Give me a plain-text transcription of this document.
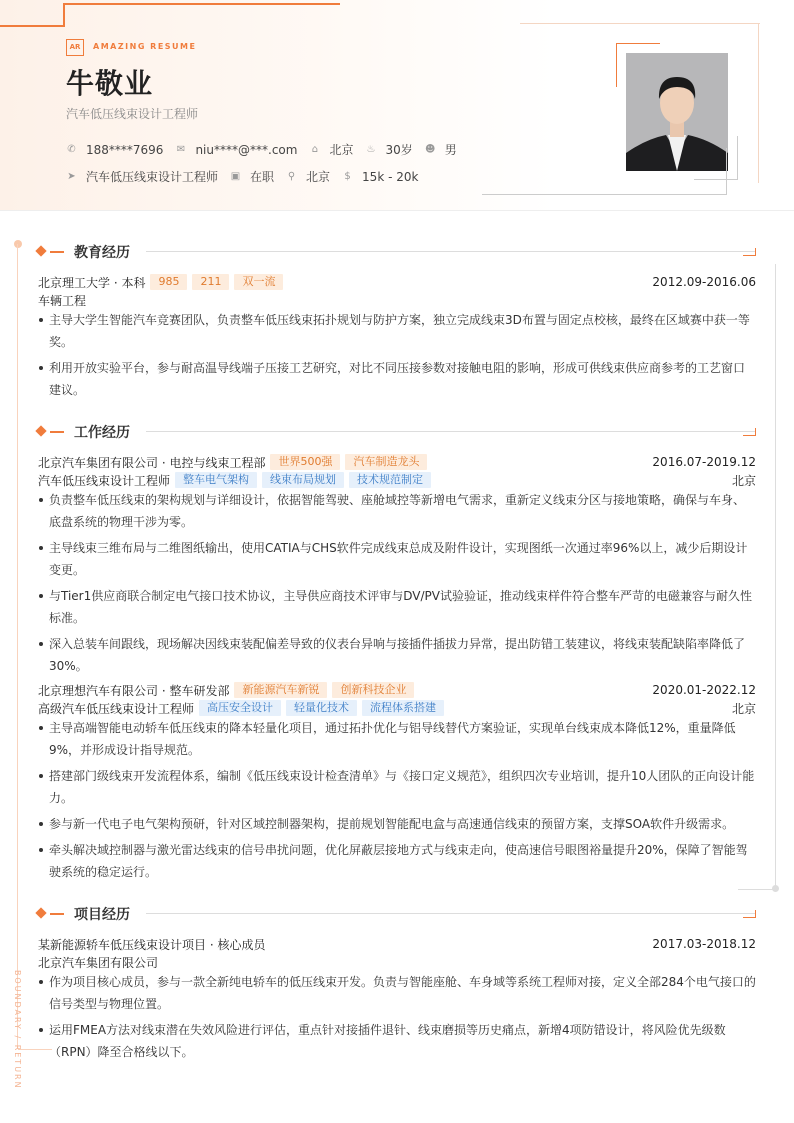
AR	AMAZING RESUME
牛敬业
汽车低压线束设计工程师
✆ 188****7696 ✉ niu****@***.com ⌂ 北京 ♨ 30岁 ☻ 男
➤ 汽车低压线束设计工程师 ▣ 在职 ⚲ 北京 $ 15k - 20k
BOUNDARY / RETURN
教育经历
北京理工大学 · 本科	985	211	双一流	2012.09-2016.06
车辆工程
主导大学生智能汽车竞赛团队，负责整车低压线束拓扑规划与防护方案，独立完成线束3D布置与固定点校核，最终在区域赛中获一等奖。
利用开放实验平台，参与耐高温导线端子压接工艺研究，对比不同压接参数对接触电阻的影响，形成可供线束供应商参考的工艺窗口建议。
工作经历
北京汽车集团有限公司 · 电控与线束工程部	世界500强	汽车制造龙头	2016.07-2019.12
汽车低压线束设计工程师	整车电气架构	线束布局规划	技术规范制定	北京
负责整车低压线束的架构规划与详细设计，依据智能驾驶、座舱域控等新增电气需求，重新定义线束分区与接地策略，确保与车身、底盘系统的物理干涉为零。
主导线束三维布局与二维图纸输出，使用CATIA与CHS软件完成线束总成及附件设计，实现图纸一次通过率96%以上，减少后期设计变更。
与Tier1供应商联合制定电气接口技术协议，主导供应商技术评审与DV/PV试验验证，推动线束样件符合整车严苛的电磁兼容与耐久性标准。
深入总装车间跟线，现场解决因线束装配偏差导致的仪表台异响与接插件插拔力异常，提出防错工装建议，将线束装配缺陷率降低了30%。
北京理想汽车有限公司 · 整车研发部	新能源汽车新锐	创新科技企业	2020.01-2022.12
高级汽车低压线束设计工程师	高压安全设计	轻量化技术	流程体系搭建	北京
主导高端智能电动轿车低压线束的降本轻量化项目，通过拓扑优化与铝导线替代方案验证，实现单台线束成本降低12%，重量降低9%，并形成设计指导规范。
搭建部门级线束开发流程体系，编制《低压线束设计检查清单》与《接口定义规范》，组织四次专业培训，提升10人团队的正向设计能力。
参与新一代电子电气架构预研，针对区域控制器架构，提前规划智能配电盒与高速通信线束的预留方案，支撑SOA软件升级需求。
牵头解决域控制器与激光雷达线束的信号串扰问题，优化屏蔽层接地方式与线束走向，使高速信号眼图裕量提升20%，保障了智能驾驶系统的稳定运行。
项目经历
某新能源轿车低压线束设计项目 · 核心成员	2017.03-2018.12
北京汽车集团有限公司
作为项目核心成员，参与一款全新纯电轿车的低压线束开发。负责与智能座舱、车身域等系统工程师对接，定义全部284个电气接口的信号类型与物理位置。
运用FMEA方法对线束潜在失效风险进行评估，重点针对接插件退针、线束磨损等历史痛点，新增4项防错设计，将风险优先级数（RPN）降至合格线以下。
